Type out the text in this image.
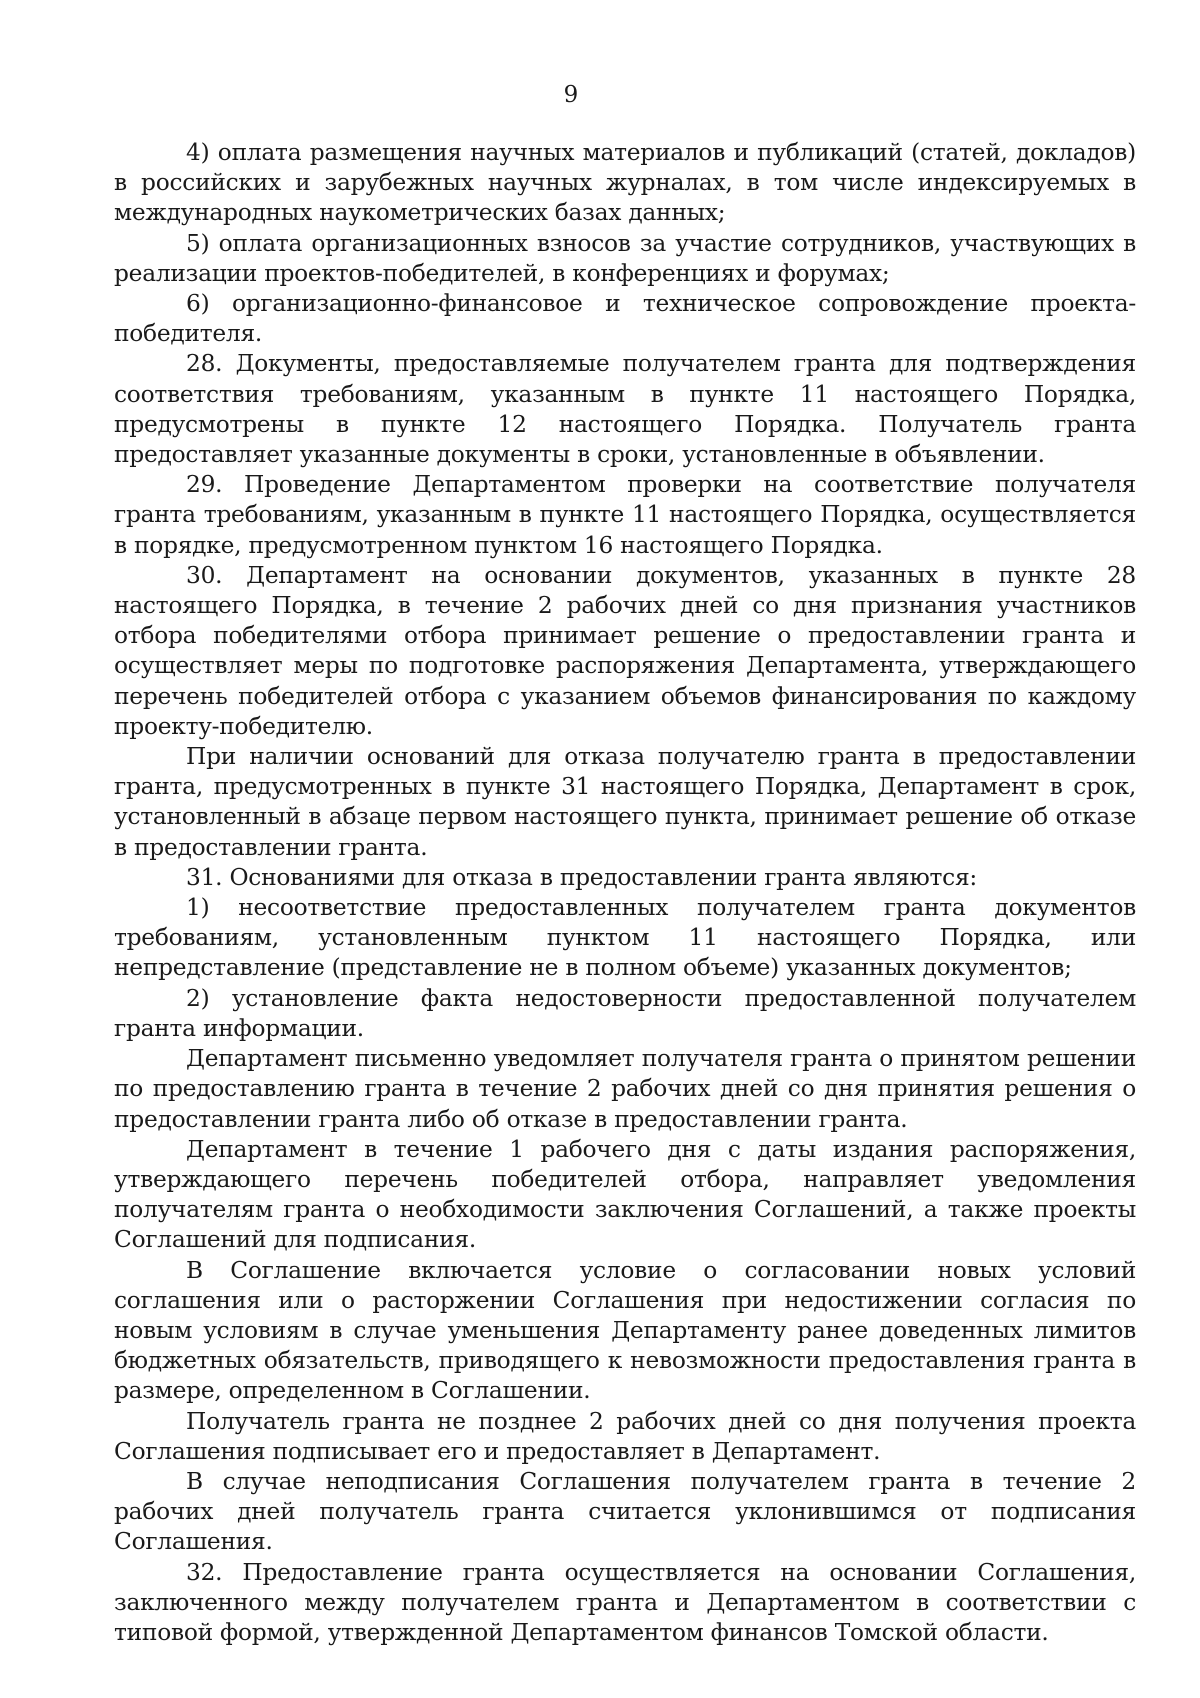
9

4) оплата размещения научных материалов и публикаций (статей, докладов) в российских и зарубежных научных журналах, в том числе индексируемых в международных наукометрических базах данных;

5) оплата организационных взносов за участие сотрудников, участвующих в реализации проектов-победителей, в конференциях и форумах;

6) организационно-финансовое и техническое сопровождение проекта-победителя.

28. Документы, предоставляемые получателем гранта для подтверждения соответствия требованиям, указанным в пункте 11 настоящего Порядка, предусмотрены в пункте 12 настоящего Порядка. Получатель гранта предоставляет указанные документы в сроки, установленные в объявлении.

29. Проведение Департаментом проверки на соответствие получателя гранта требованиям, указанным в пункте 11 настоящего Порядка, осуществляется в порядке, предусмотренном пунктом 16 настоящего Порядка.

30. Департамент на основании документов, указанных в пункте 28 настоящего Порядка, в течение 2 рабочих дней со дня признания участников отбора победителями отбора принимает решение о предоставлении гранта и осуществляет меры по подготовке распоряжения Департамента, утверждающего перечень победителей отбора с указанием объемов финансирования по каждому проекту-победителю.

При наличии оснований для отказа получателю гранта в предоставлении гранта, предусмотренных в пункте 31 настоящего Порядка, Департамент в срок, установленный в абзаце первом настоящего пункта, принимает решение об отказе в предоставлении гранта.

31. Основаниями для отказа в предоставлении гранта являются:

1) несоответствие предоставленных получателем гранта документов требованиям, установленным пунктом 11 настоящего Порядка, или непредставление (представление не в полном объеме) указанных документов;

2) установление факта недостоверности предоставленной получателем гранта информации.

Департамент письменно уведомляет получателя гранта о принятом решении по предоставлению гранта в течение 2 рабочих дней со дня принятия решения о предоставлении гранта либо об отказе в предоставлении гранта.

Департамент в течение 1 рабочего дня с даты издания распоряжения, утверждающего перечень победителей отбора, направляет уведомления получателям гранта о необходимости заключения Соглашений, а также проекты Соглашений для подписания.

В Соглашение включается условие о согласовании новых условий соглашения или о расторжении Соглашения при недостижении согласия по новым условиям в случае уменьшения Департаменту ранее доведенных лимитов бюджетных обязательств, приводящего к невозможности предоставления гранта в размере, определенном в Соглашении.

Получатель гранта не позднее 2 рабочих дней со дня получения проекта Соглашения подписывает его и предоставляет в Департамент.

В случае неподписания Соглашения получателем гранта в течение 2 рабочих дней получатель гранта считается уклонившимся от подписания Соглашения.

32. Предоставление гранта осуществляется на основании Соглашения, заключенного между получателем гранта и Департаментом в соответствии с типовой формой, утвержденной Департаментом финансов Томской области.
